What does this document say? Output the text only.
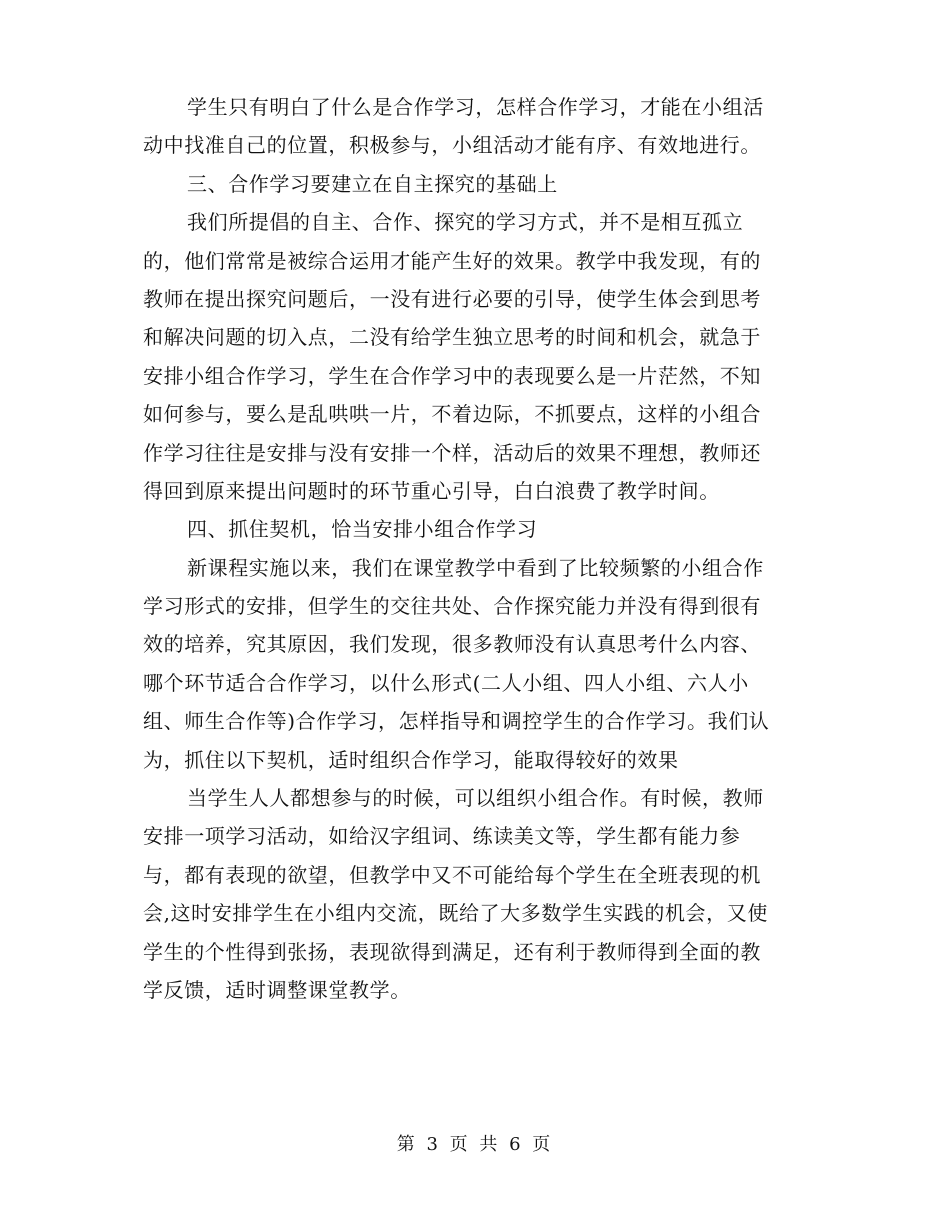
学生只有明白了什么是合作学习，怎样合作学习，才能在小组活
动中找准自己的位置，积极参与，小组活动才能有序、有效地进行。
三、合作学习要建立在自主探究的基础上
我们所提倡的自主、合作、探究的学习方式，并不是相互孤立
的，他们常常是被综合运用才能产生好的效果。教学中我发现，有的
教师在提出探究问题后，一没有进行必要的引导，使学生体会到思考
和解决问题的切入点，二没有给学生独立思考的时间和机会，就急于
安排小组合作学习，学生在合作学习中的表现要么是一片茫然，不知
如何参与，要么是乱哄哄一片，不着边际，不抓要点，这样的小组合
作学习往往是安排与没有安排一个样，活动后的效果不理想，教师还
得回到原来提出问题时的环节重心引导，白白浪费了教学时间。
四、抓住契机，恰当安排小组合作学习
新课程实施以来，我们在课堂教学中看到了比较频繁的小组合作
学习形式的安排，但学生的交往共处、合作探究能力并没有得到很有
效的培养，究其原因，我们发现，很多教师没有认真思考什么内容、
哪个环节适合合作学习，以什么形式(二人小组、四人小组、六人小
组、师生合作等)合作学习，怎样指导和调控学生的合作学习。我们认
为，抓住以下契机，适时组织合作学习，能取得较好的效果
当学生人人都想参与的时候，可以组织小组合作。有时候，教师
安排一项学习活动，如给汉字组词、练读美文等，学生都有能力参
与，都有表现的欲望，但教学中又不可能给每个学生在全班表现的机
会,这时安排学生在小组内交流，既给了大多数学生实践的机会，又使
学生的个性得到张扬，表现欲得到满足，还有利于教师得到全面的教
学反馈，适时调整课堂教学。
第 3 页 共 6 页
